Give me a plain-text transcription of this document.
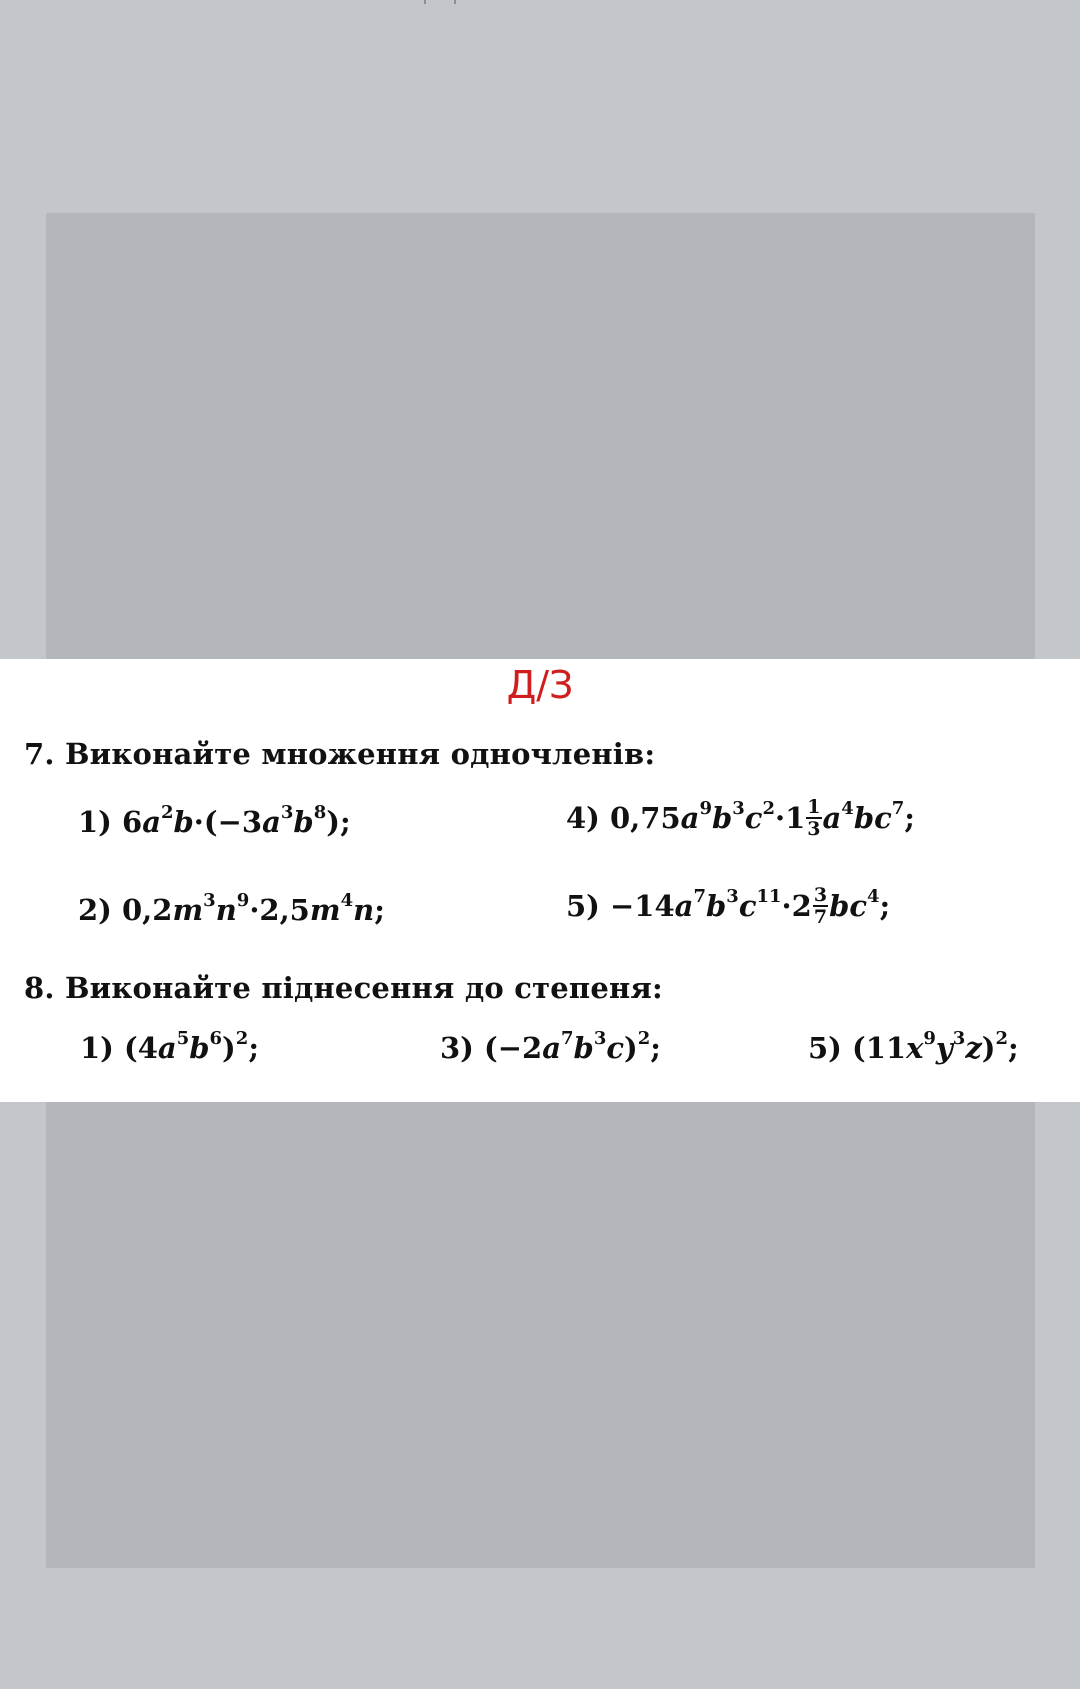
Д/З
7. Виконайте множення одночленів:
1) $6a^2b\cdot(-3a^3b^8)$;	4) $0,75a^9b^3c^2\cdot 1 \frac{1}{3} a^4bc^7$;
2) $0,2m^3n^9\cdot 2,5m^4n$;	$5) -14a^7b^3c^{11}\cdot 2 \frac{3}{7} bc^4$;
8. Виконайте піднесення до степеня:
1) $(4a^5b^6)^2$;	3) $(-2a^7b^3c)^2$;	5) $(11x^9y^3z)^2$;
